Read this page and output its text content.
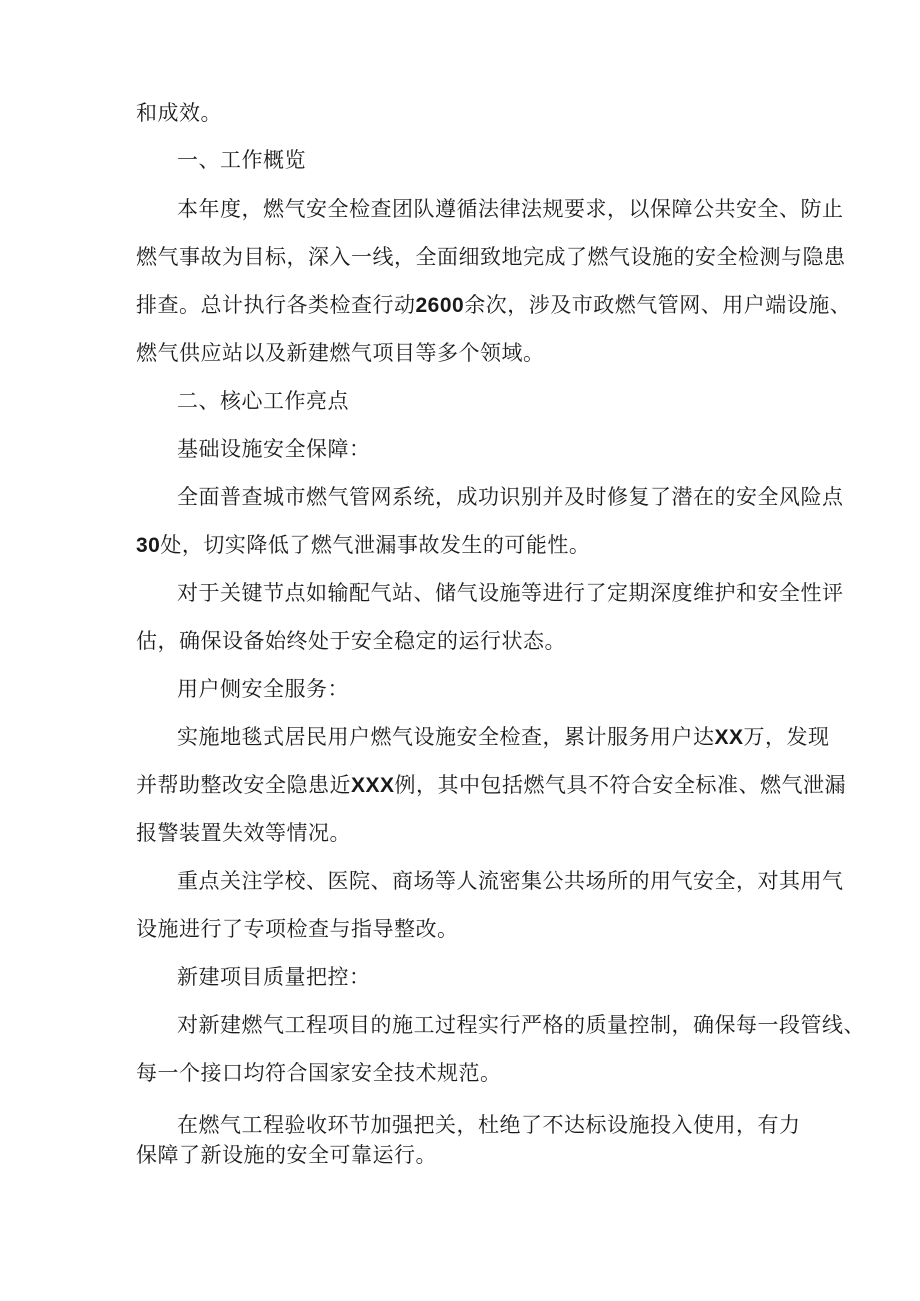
和成效。
一、工作概览
本年度，燃气安全检查团队遵循法律法规要求，以保障公共安全、防止
燃气事故为目标，深入一线，全面细致地完成了燃气设施的安全检测与隐患
排查。总计执行各类检查行动2600余次，涉及市政燃气管网、用户端设施、
燃气供应站以及新建燃气项目等多个领域。
二、核心工作亮点
基础设施安全保障：
全面普查城市燃气管网系统，成功识别并及时修复了潜在的安全风险点
30处，切实降低了燃气泄漏事故发生的可能性。
对于关键节点如输配气站、储气设施等进行了定期深度维护和安全性评
估，确保设备始终处于安全稳定的运行状态。
用户侧安全服务：
实施地毯式居民用户燃气设施安全检查，累计服务用户达XX万，发现
并帮助整改安全隐患近XXX例，其中包括燃气具不符合安全标准、燃气泄漏
报警装置失效等情况。
重点关注学校、医院、商场等人流密集公共场所的用气安全，对其用气
设施进行了专项检查与指导整改。
新建项目质量把控：
对新建燃气工程项目的施工过程实行严格的质量控制，确保每一段管线、
每一个接口均符合国家安全技术规范。
在燃气工程验收环节加强把关，杜绝了不达标设施投入使用，有力
保障了新设施的安全可靠运行。
